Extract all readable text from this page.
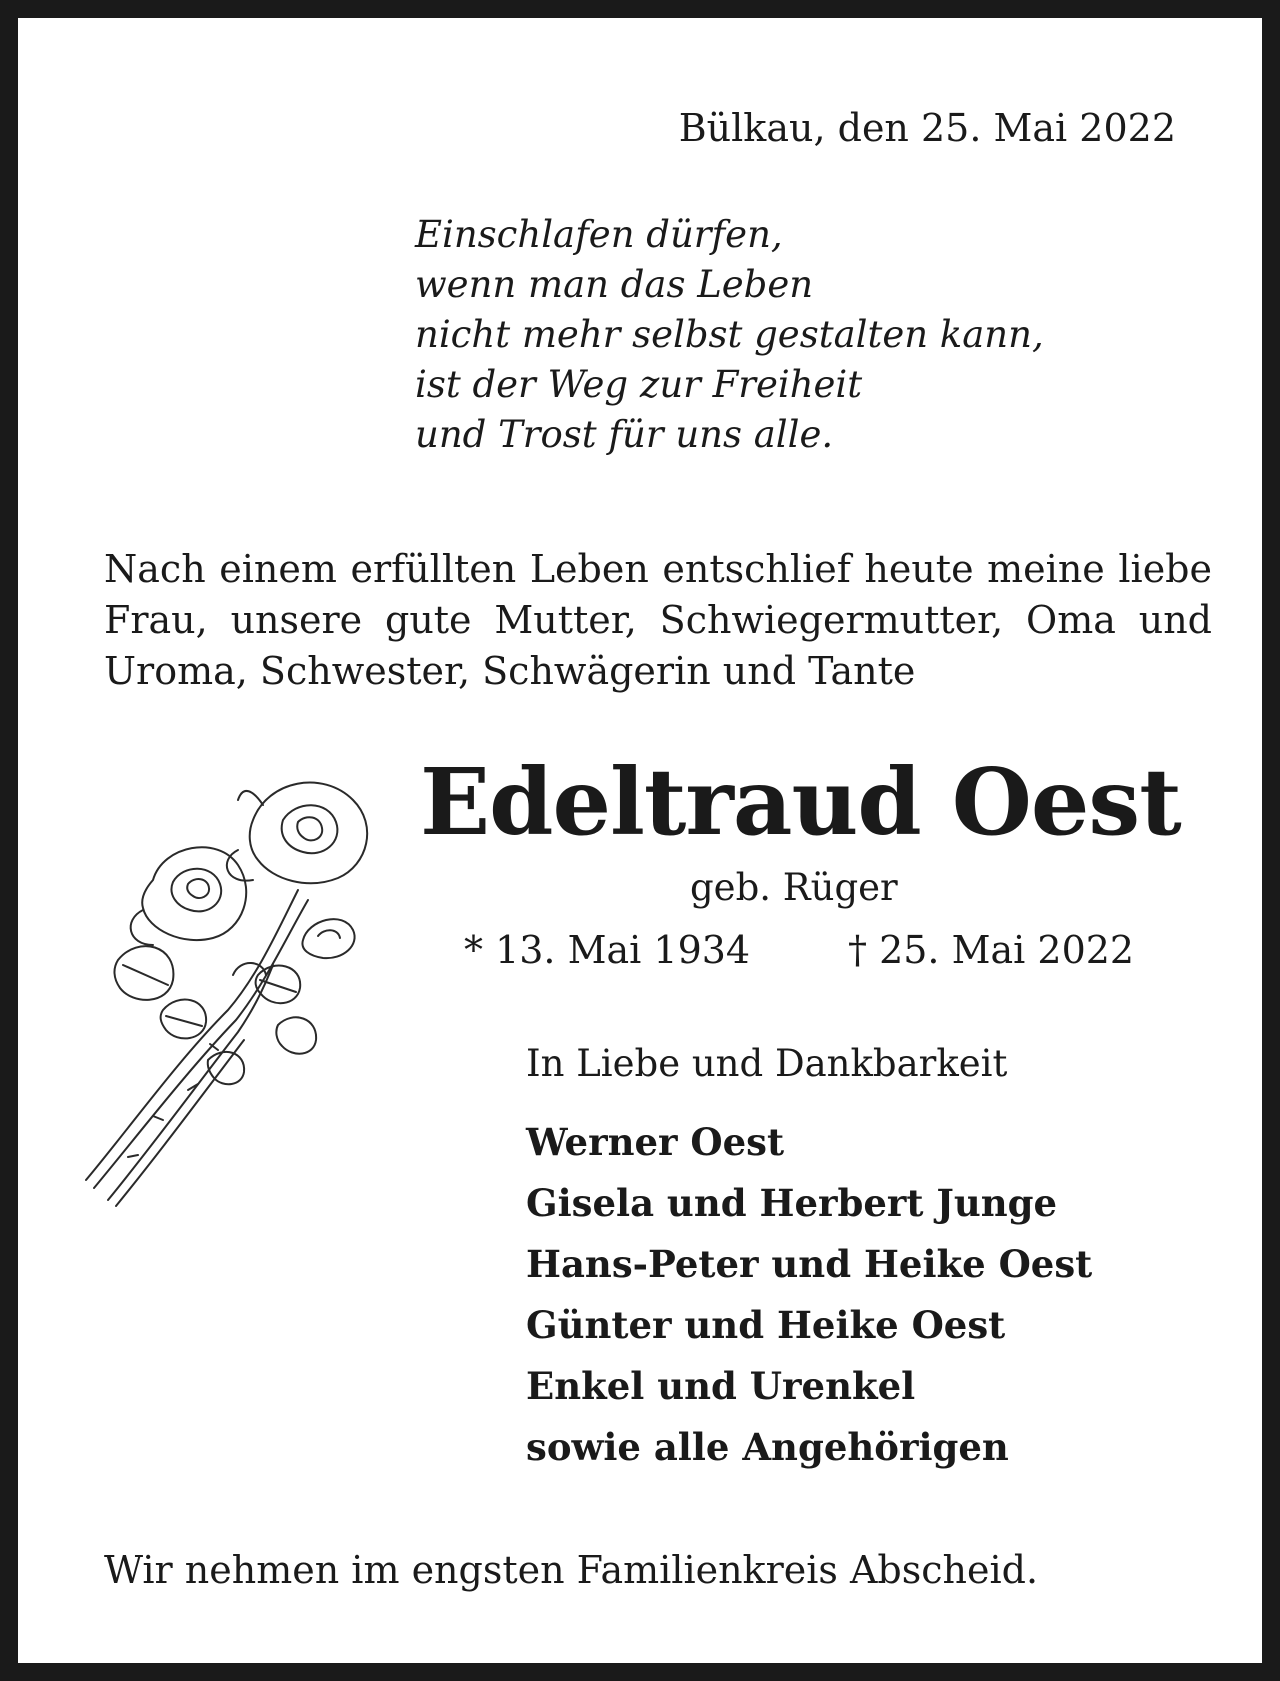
Bülkau, den 25. Mai 2022
Einschlafen dürfen,
wenn man das Leben
nicht mehr selbst gestalten kann,
ist der Weg zur Freiheit
und Trost für uns alle.
Nach einem erfüllten Leben entschlief heute meine liebe
Frau, unsere gute Mutter, Schwiegermutter, Oma und
Uroma, Schwester, Schwägerin und Tante
Edeltraud Oest
geb. Rüger
* 13. Mai 1934	† 25. Mai 2022
In Liebe und Dankbarkeit
Werner Oest
Gisela und Herbert Junge
Hans-Peter und Heike Oest
Günter und Heike Oest
Enkel und Urenkel
sowie alle Angehörigen
Wir nehmen im engsten Familienkreis Abscheid.
